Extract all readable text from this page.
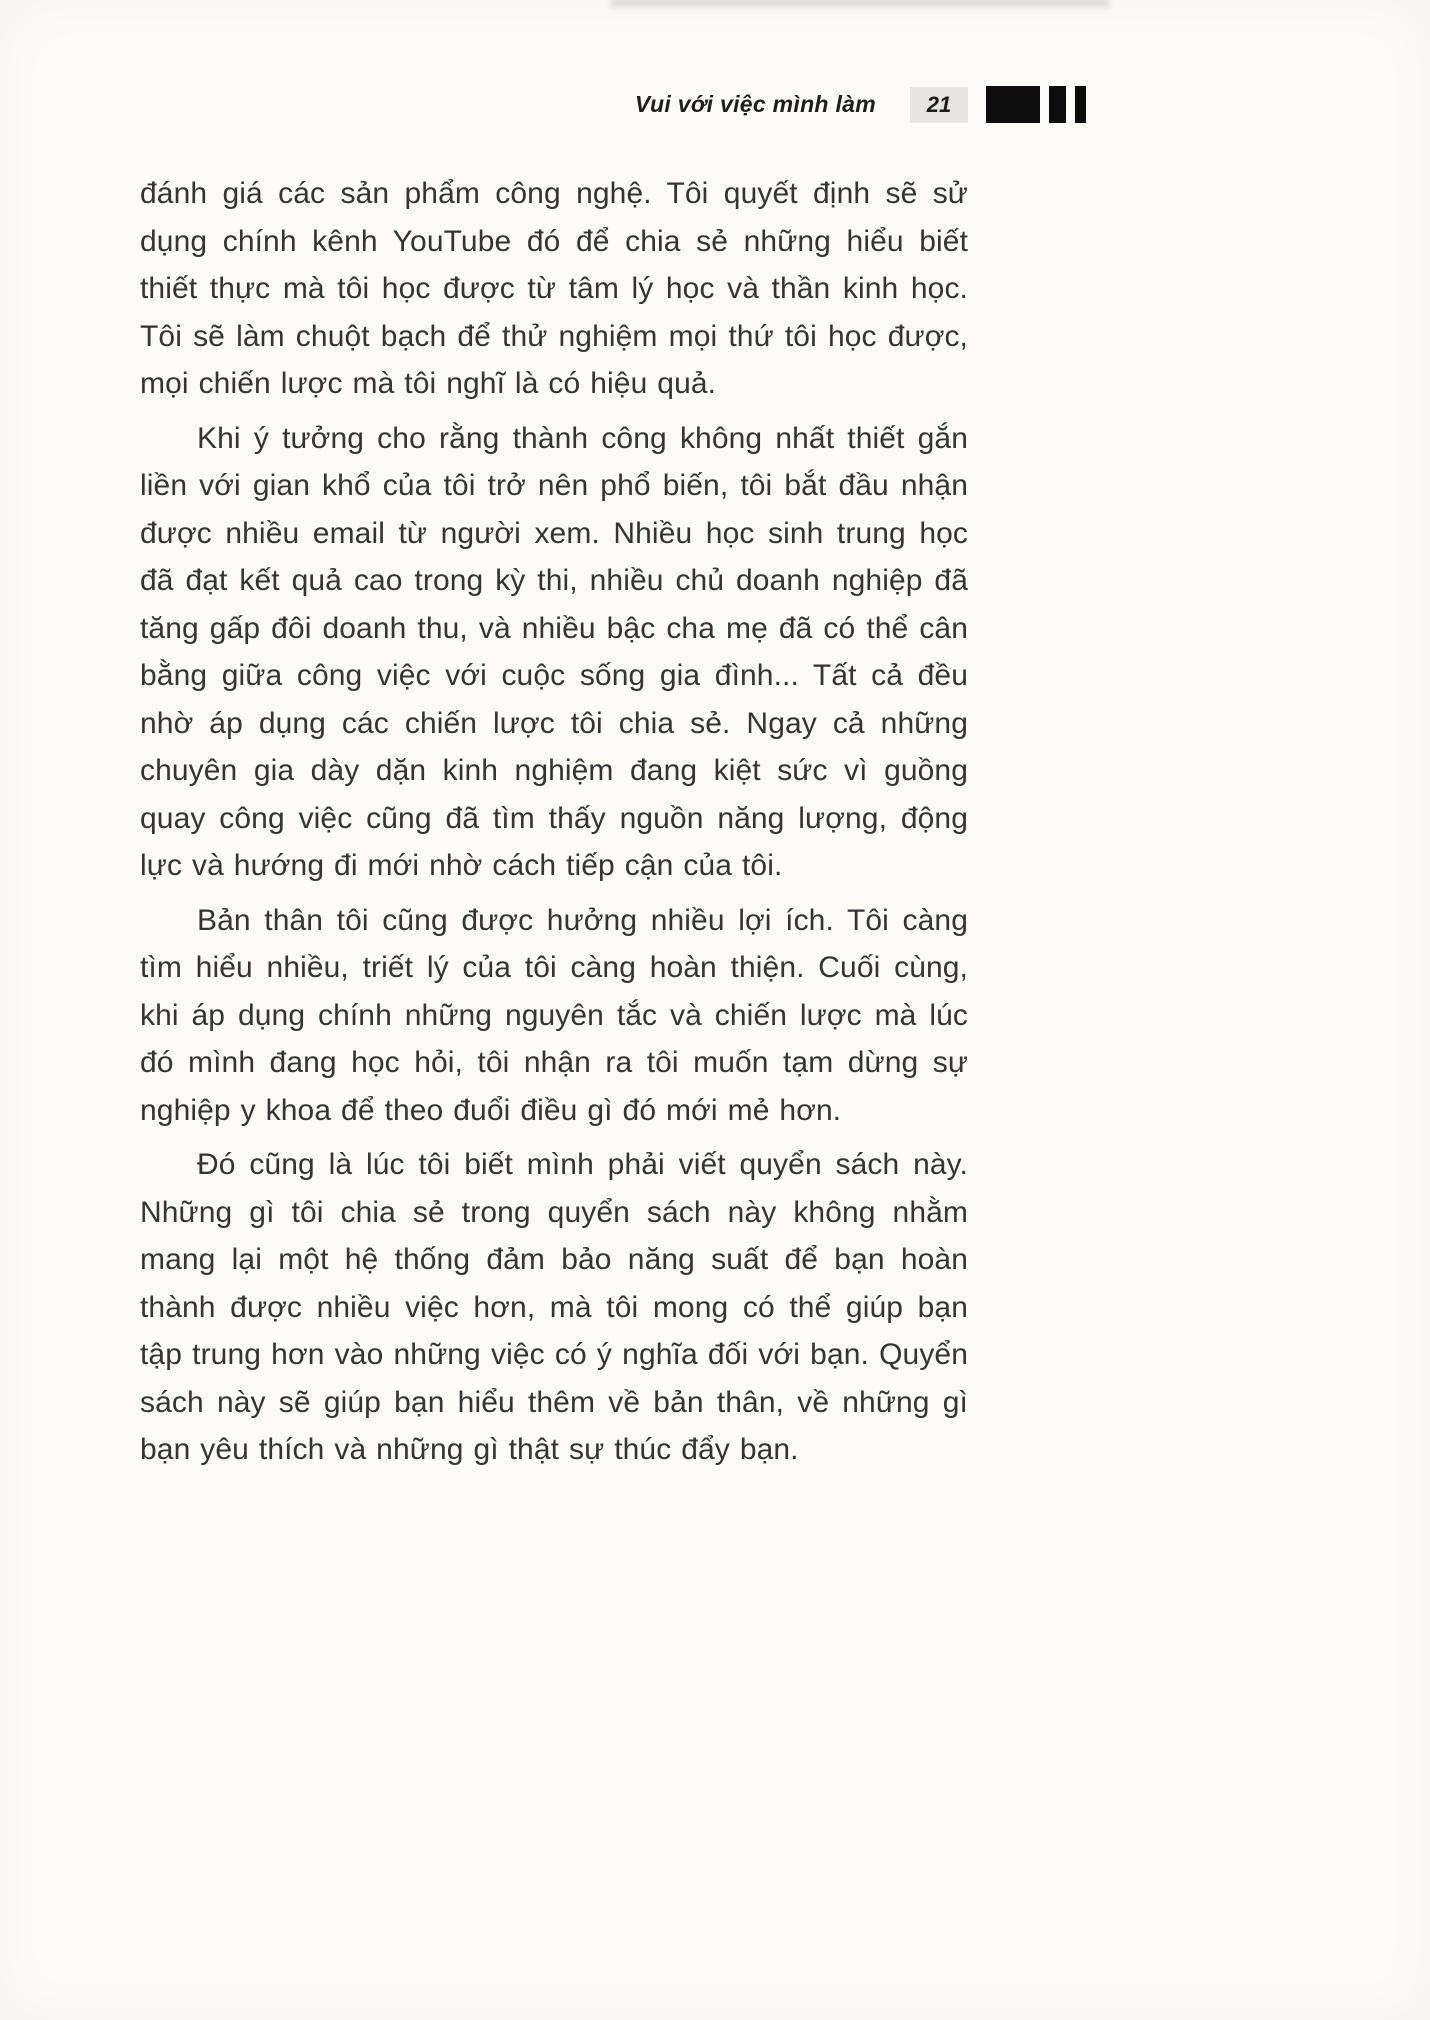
Vui với việc mình làm	21

đánh giá các sản phẩm công nghệ. Tôi quyết định sẽ sử dụng chính kênh YouTube đó để chia sẻ những hiểu biết thiết thực mà tôi học được từ tâm lý học và thần kinh học. Tôi sẽ làm chuột bạch để thử nghiệm mọi thứ tôi học được, mọi chiến lược mà tôi nghĩ là có hiệu quả.

Khi ý tưởng cho rằng thành công không nhất thiết gắn liền với gian khổ của tôi trở nên phổ biến, tôi bắt đầu nhận được nhiều email từ người xem. Nhiều học sinh trung học đã đạt kết quả cao trong kỳ thi, nhiều chủ doanh nghiệp đã tăng gấp đôi doanh thu, và nhiều bậc cha mẹ đã có thể cân bằng giữa công việc với cuộc sống gia đình... Tất cả đều nhờ áp dụng các chiến lược tôi chia sẻ. Ngay cả những chuyên gia dày dặn kinh nghiệm đang kiệt sức vì guồng quay công việc cũng đã tìm thấy nguồn năng lượng, động lực và hướng đi mới nhờ cách tiếp cận của tôi.

Bản thân tôi cũng được hưởng nhiều lợi ích. Tôi càng tìm hiểu nhiều, triết lý của tôi càng hoàn thiện. Cuối cùng, khi áp dụng chính những nguyên tắc và chiến lược mà lúc đó mình đang học hỏi, tôi nhận ra tôi muốn tạm dừng sự nghiệp y khoa để theo đuổi điều gì đó mới mẻ hơn.

Đó cũng là lúc tôi biết mình phải viết quyển sách này. Những gì tôi chia sẻ trong quyển sách này không nhằm mang lại một hệ thống đảm bảo năng suất để bạn hoàn thành được nhiều việc hơn, mà tôi mong có thể giúp bạn tập trung hơn vào những việc có ý nghĩa đối với bạn. Quyển sách này sẽ giúp bạn hiểu thêm về bản thân, về những gì bạn yêu thích và những gì thật sự thúc đẩy bạn.
